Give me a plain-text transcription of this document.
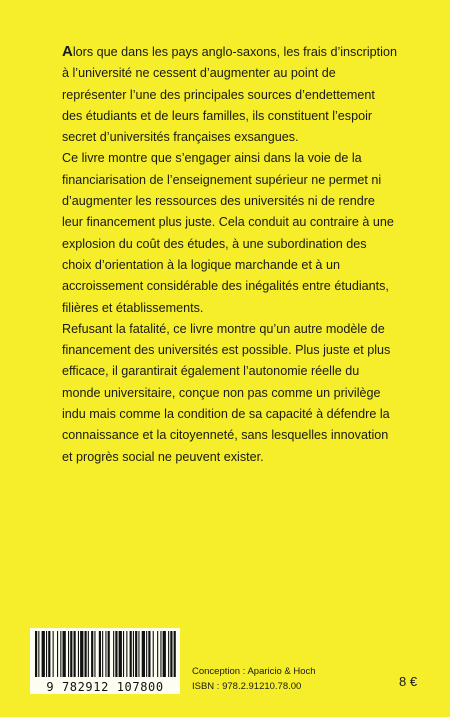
Alors que dans les pays anglo-saxons, les frais d’inscription à l’université ne cessent d’augmenter au point de représenter l’une des principales sources d’endettement des étudiants et de leurs familles, ils constituent l’espoir secret d’universités françaises exsangues.

Ce livre montre que s’engager ainsi dans la voie de la financiarisation de l’enseignement supérieur ne permet ni d’augmenter les ressources des universités ni de rendre leur financement plus juste. Cela conduit au contraire à une explosion du coût des études, à une subordination des choix d’orientation à la logique marchande et à un accroissement considérable des inégalités entre étudiants, filières et établissements.

Refusant la fatalité, ce livre montre qu’un autre modèle de financement des universités est possible. Plus juste et plus efficace, il garantirait également l’autonomie réelle du monde universitaire, conçue non pas comme un privilège indu mais comme la condition de sa capacité à défendre la connaissance et la citoyenneté, sans lesquelles innovation et progrès social ne peuvent exister.

9 782912 107800
Conception : Aparicio & Hoch
ISBN : 978.2.91210.78.00	8 €
